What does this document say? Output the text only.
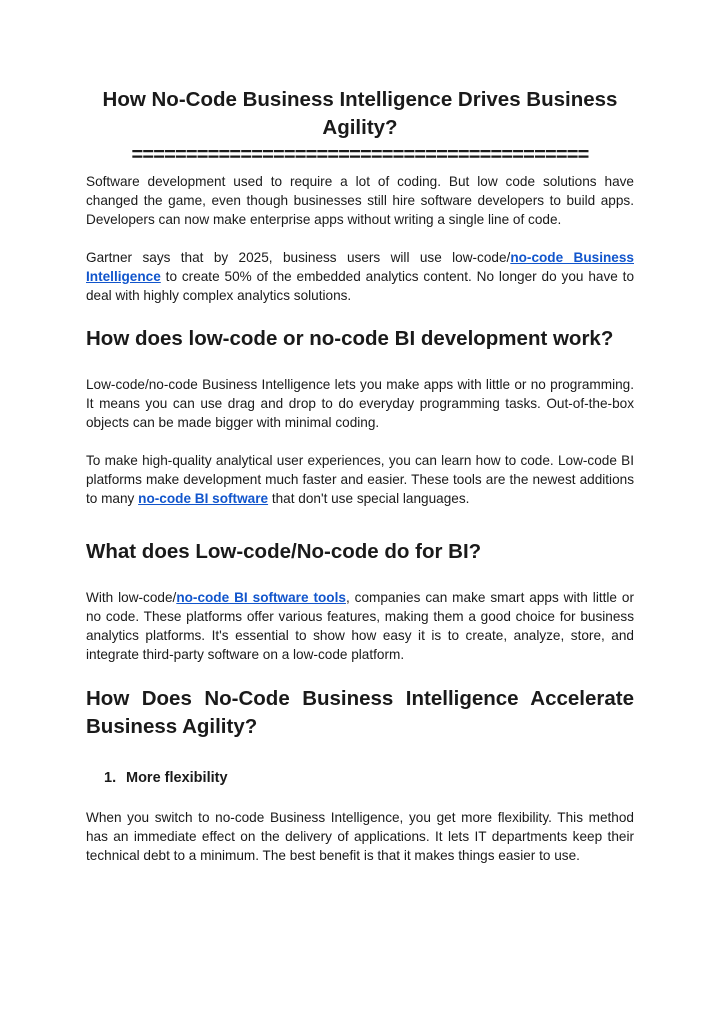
How No-Code Business Intelligence Drives Business Agility?
==========================================

Software development used to require a lot of coding. But low code solutions have changed the game, even though businesses still hire software developers to build apps. Developers can now make enterprise apps without writing a single line of code.

Gartner says that by 2025, business users will use low-code/no-code Business Intelligence to create 50% of the embedded analytics content. No longer do you have to deal with highly complex analytics solutions.

How does low-code or no-code BI development work?

Low-code/no-code Business Intelligence lets you make apps with little or no programming. It means you can use drag and drop to do everyday programming tasks. Out-of-the-box objects can be made bigger with minimal coding.

To make high-quality analytical user experiences, you can learn how to code. Low-code BI platforms make development much faster and easier. These tools are the newest additions to many no-code BI software that don't use special languages.

What does Low-code/No-code do for BI?

With low-code/no-code BI software tools, companies can make smart apps with little or no code. These platforms offer various features, making them a good choice for business analytics platforms. It's essential to show how easy it is to create, analyze, store, and integrate third-party software on a low-code platform.

How Does No-Code Business Intelligence Accelerate Business Agility?
1. More flexibility

When you switch to no-code Business Intelligence, you get more flexibility. This method has an immediate effect on the delivery of applications. It lets IT departments keep their technical debt to a minimum. The best benefit is that it makes things easier to use.
